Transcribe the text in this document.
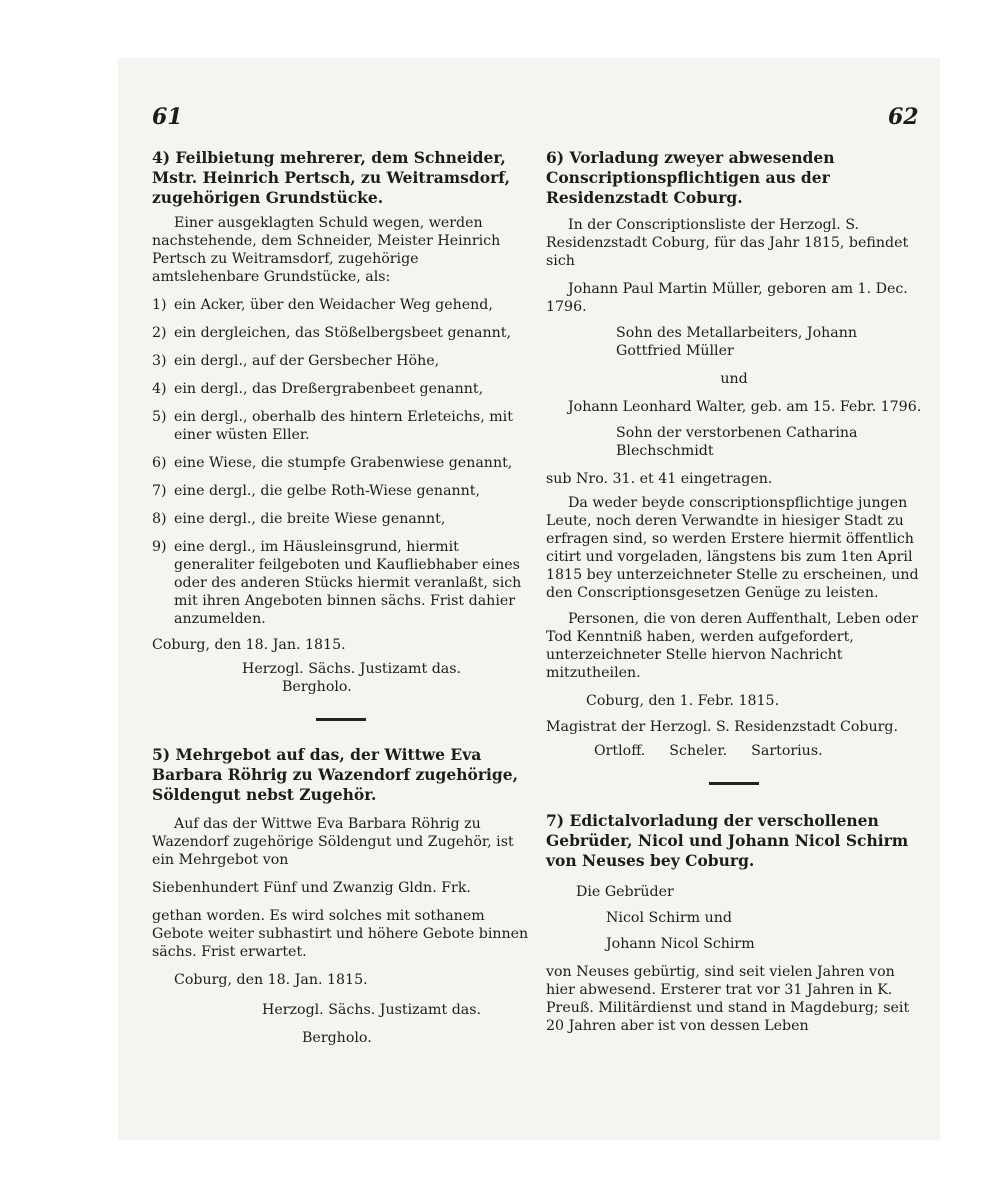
61	62

4) Feilbietung mehrerer, dem Schneider, Mstr. Heinrich Pertsch, zu Weitramsdorf, zugehörigen Grundstücke.

Einer ausgeklagten Schuld wegen, werden nachstehende, dem Schneider, Meister Heinrich Pertsch zu Weitramsdorf, zugehörige amtslehenbare Grundstücke, als:

1) ein Acker, über den Weidacher Weg gehend,
2) ein dergleichen, das Stößelbergsbeet genannt,
3) ein dergl., auf der Gersbecher Höhe,
4) ein dergl., das Dreßergrabenbeet genannt,
5) ein dergl., oberhalb des hintern Erleteichs, mit einer wüsten Eller.
6) eine Wiese, die stumpfe Grabenwiese genannt,
7) eine dergl., die gelbe Roth-Wiese genannt,
8) eine dergl., die breite Wiese genannt,
9) eine dergl., im Häusleinsgrund, hiermit generaliter feilgeboten und Kaufliebhaber eines oder des anderen Stücks hiermit veranlaßt, sich mit ihren Angeboten binnen sächs. Frist dahier anzumelden.

Coburg, den 18. Jan. 1815.

Herzogl. Sächs. Justizamt das.

Bergholo.

5) Mehrgebot auf das, der Wittwe Eva Barbara Röhrig zu Wazendorf zugehörige, Söldengut nebst Zugehör.

Auf das der Wittwe Eva Barbara Röhrig zu Wazendorf zugehörige Söldengut und Zugehör, ist ein Mehrgebot von

Siebenhundert Fünf und Zwanzig Gldn. Frk.

gethan worden. Es wird solches mit sothanem Gebote weiter subhastirt und höhere Gebote binnen sächs. Frist erwartet.

Coburg, den 18. Jan. 1815.

Herzogl. Sächs. Justizamt das.

Bergholo.

6) Vorladung zweyer abwesenden Conscriptionspflichtigen aus der Residenzstadt Coburg.

In der Conscriptionsliste der Herzogl. S. Residenzstadt Coburg, für das Jahr 1815, befindet sich

Johann Paul Martin Müller, geboren am 1. Dec. 1796.

Sohn des Metallarbeiters, Johann Gottfried Müller

und

Johann Leonhard Walter, geb. am 15. Febr. 1796.

Sohn der verstorbenen Catharina Blechschmidt

sub Nro. 31. et 41 eingetragen.

Da weder beyde conscriptionspflichtige jungen Leute, noch deren Verwandte in hiesiger Stadt zu erfragen sind, so werden Erstere hiermit öffentlich citirt und vorgeladen, längstens bis zum 1ten April 1815 bey unterzeichneter Stelle zu erscheinen, und den Conscriptionsgesetzen Genüge zu leisten.

Personen, die von deren Auffenthalt, Leben oder Tod Kenntniß haben, werden aufgefordert, unterzeichneter Stelle hiervon Nachricht mitzutheilen.

Coburg, den 1. Febr. 1815.

Magistrat der Herzogl. S. Residenzstadt Coburg.

Ortloff. Scheler. Sartorius.

7) Edictalvorladung der verschollenen Gebrüder, Nicol und Johann Nicol Schirm von Neuses bey Coburg.

Die Gebrüder

Nicol Schirm und

Johann Nicol Schirm

von Neuses gebürtig, sind seit vielen Jahren von hier abwesend. Ersterer trat vor 31 Jahren in K. Preuß. Militärdienst und stand in Magdeburg; seit 20 Jahren aber ist von dessen Leben
